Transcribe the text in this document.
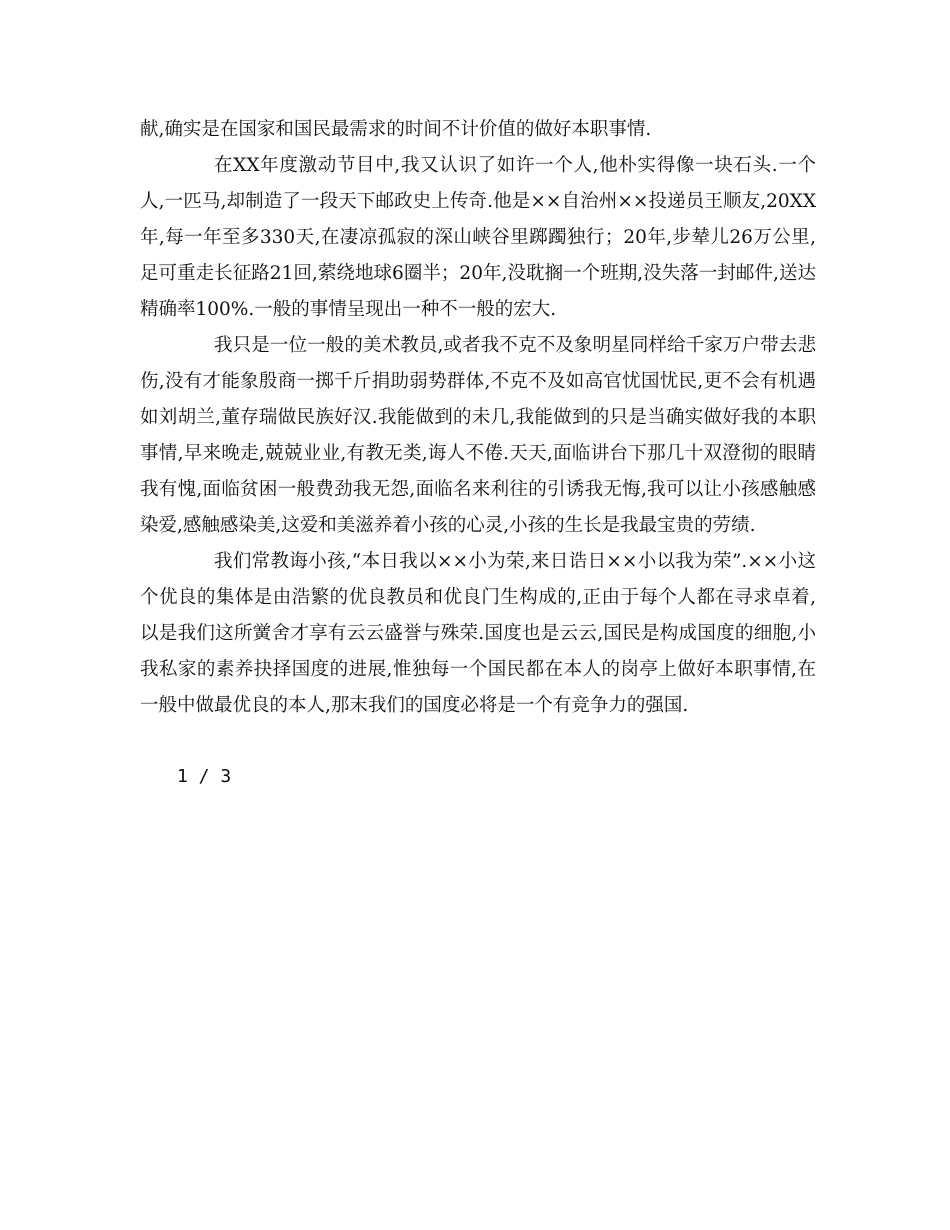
献,确实是在国家和国民最需求的时间不计价值的做好本职事情.

在XX年度激动节目中,我又认识了如许一个人,他朴实得像一块石头.一个人,一匹马,却制造了一段天下邮政史上传奇.他是××自治州××投递员王顺友,20XX年,每一年至多330天,在凄凉孤寂的深山峡谷里踯躅独行；20年,步辇儿26万公里,足可重走长征路21回,萦绕地球6圈半；20年,没耽搁一个班期,没失落一封邮件,送达精确率100%.一般的事情呈现出一种不一般的宏大.

我只是一位一般的美术教员,或者我不克不及象明星同样给千家万户带去悲伤,没有才能象殷商一掷千斤捐助弱势群体,不克不及如高官忧国忧民,更不会有机遇如刘胡兰,董存瑞做民族好汉.我能做到的未几,我能做到的只是当确实做好我的本职事情,早来晚走,兢兢业业,有教无类,诲人不倦.天天,面临讲台下那几十双澄彻的眼睛我有愧,面临贫困一般费劲我无怨,面临名来利往的引诱我无悔,我可以让小孩感触感染爱,感触感染美,这爱和美滋养着小孩的心灵,小孩的生长是我最宝贵的劳绩.

我们常教诲小孩,“本日我以××小为荣,来日诰日××小以我为荣”.××小这个优良的集体是由浩繁的优良教员和优良门生构成的,正由于每个人都在寻求卓着,以是我们这所黉舍才享有云云盛誉与殊荣.国度也是云云,国民是构成国度的细胞,小我私家的素养抉择国度的进展,惟独每一个国民都在本人的岗亭上做好本职事情,在一般中做最优良的本人,那末我们的国度必将是一个有竞争力的强国.

1 / 3
